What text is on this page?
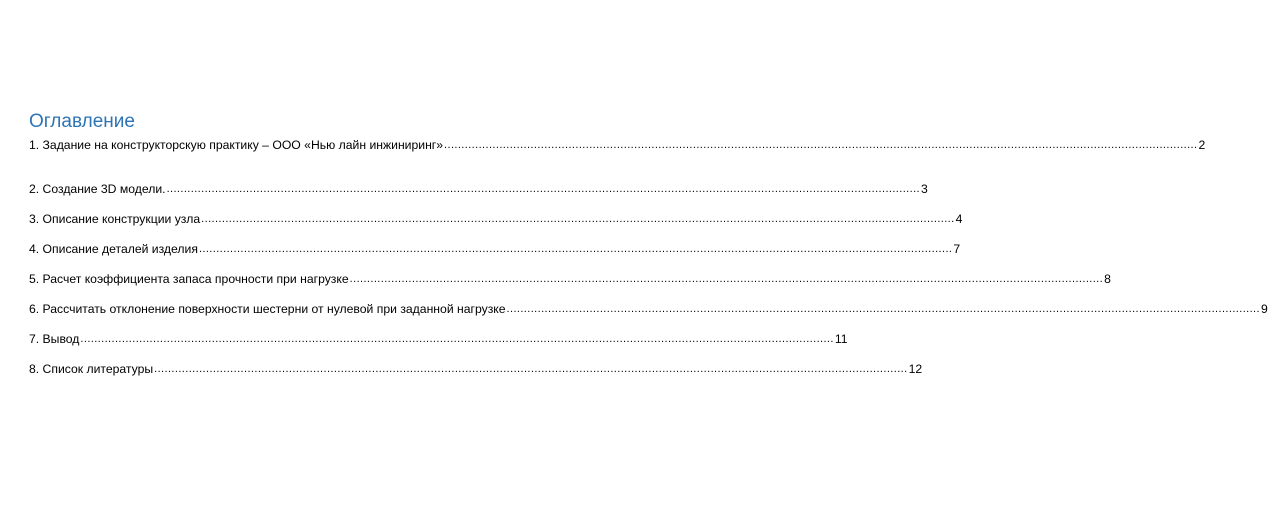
Оглавление
1. Задание на конструкторскую практику – ООО «Нью лайн инжиниринг» .......................................................................................................................................................................................................................... 2
2. Создание 3D модели. .......................................................................................................................................................................................................................... 3
3. Описание конструкции узла .......................................................................................................................................................................................................................... 4
4. Описание деталей изделия .......................................................................................................................................................................................................................... 7
5. Расчет коэффициента запаса прочности при нагрузке .......................................................................................................................................................................................................................... 8
6. Рассчитать отклонение поверхности шестерни от нулевой при заданной нагрузке .......................................................................................................................................................................................................................... 9
7. Вывод .......................................................................................................................................................................................................................... 11
8. Список литературы .......................................................................................................................................................................................................................... 12
